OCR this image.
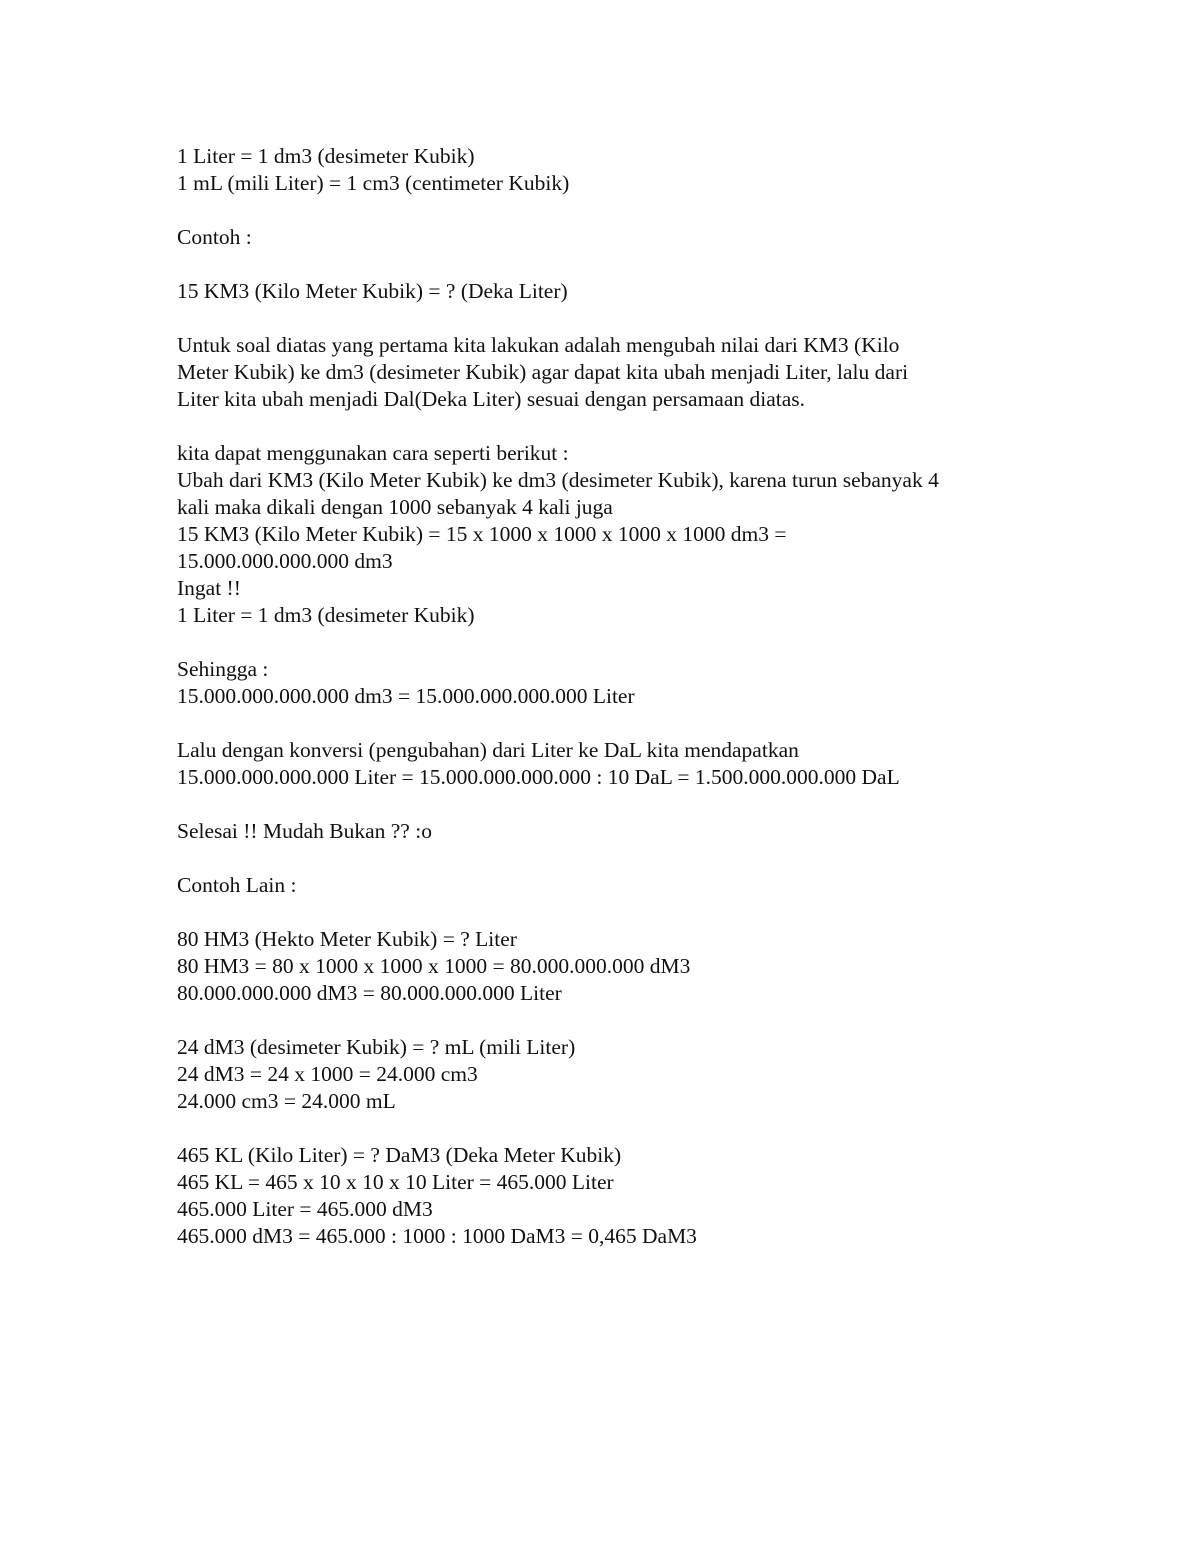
1 Liter = 1 dm3 (desimeter Kubik)
1 mL (mili Liter) = 1 cm3 (centimeter Kubik)
Contoh :
15 KM3 (Kilo Meter Kubik) = ? (Deka Liter)
Untuk soal diatas yang pertama kita lakukan adalah mengubah nilai dari KM3 (Kilo
Meter Kubik) ke dm3 (desimeter Kubik) agar dapat kita ubah menjadi Liter, lalu dari
Liter kita ubah menjadi Dal(Deka Liter) sesuai dengan persamaan diatas.
kita dapat menggunakan cara seperti berikut :
Ubah dari KM3 (Kilo Meter Kubik) ke dm3 (desimeter Kubik), karena turun sebanyak 4
kali maka dikali dengan 1000 sebanyak 4 kali juga
15 KM3 (Kilo Meter Kubik) = 15 x 1000 x 1000 x 1000 x 1000 dm3 =
15.000.000.000.000 dm3
Ingat !!
1 Liter = 1 dm3 (desimeter Kubik)
Sehingga :
15.000.000.000.000 dm3 = 15.000.000.000.000 Liter
Lalu dengan konversi (pengubahan) dari Liter ke DaL kita mendapatkan
15.000.000.000.000 Liter = 15.000.000.000.000 : 10 DaL = 1.500.000.000.000 DaL
Selesai !! Mudah Bukan ?? :o
Contoh Lain :
80 HM3 (Hekto Meter Kubik) = ? Liter
80 HM3 = 80 x 1000 x 1000 x 1000 = 80.000.000.000 dM3
80.000.000.000 dM3 = 80.000.000.000 Liter
24 dM3 (desimeter Kubik) = ? mL (mili Liter)
24 dM3 = 24 x 1000 = 24.000 cm3
24.000 cm3 = 24.000 mL
465 KL (Kilo Liter) = ? DaM3 (Deka Meter Kubik)
465 KL = 465 x 10 x 10 x 10 Liter = 465.000 Liter
465.000 Liter = 465.000 dM3
465.000 dM3 = 465.000 : 1000 : 1000 DaM3 = 0,465 DaM3
